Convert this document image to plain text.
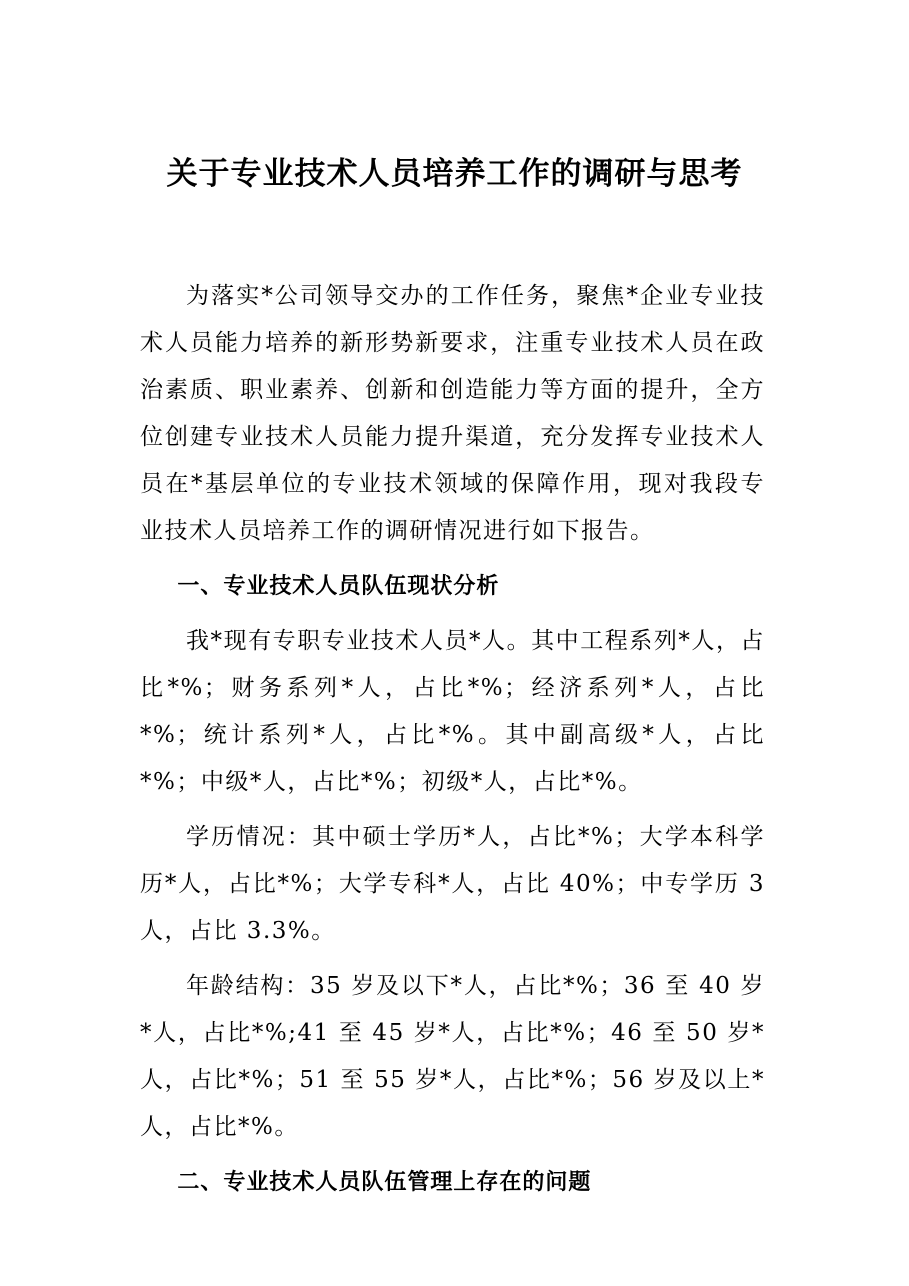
关于专业技术人员培养工作的调研与思考

为落实*公司领导交办的工作任务，聚焦*企业专业技术人员能力培养的新形势新要求，注重专业技术人员在政治素质、职业素养、创新和创造能力等方面的提升，全方位创建专业技术人员能力提升渠道，充分发挥专业技术人员在*基层单位的专业技术领域的保障作用，现对我段专业技术人员培养工作的调研情况进行如下报告。

一、专业技术人员队伍现状分析

我*现有专职专业技术人员*人。其中工程系列*人，占比*%；财务系列*人，占比*%；经济系列*人，占比*%；统计系列*人，占比*%。其中副高级*人，占比*%；中级*人，占比*%；初级*人，占比*%。

学历情况：其中硕士学历*人，占比*%；大学本科学历*人，占比*%；大学专科*人，占比 40%；中专学历 3 人，占比 3.3%。

年龄结构：35 岁及以下*人，占比*%；36 至 40 岁*人，占比*%;41 至 45 岁*人，占比*%；46 至 50 岁*人，占比*%；51 至 55 岁*人，占比*%；56 岁及以上*人，占比*%。

二、专业技术人员队伍管理上存在的问题
